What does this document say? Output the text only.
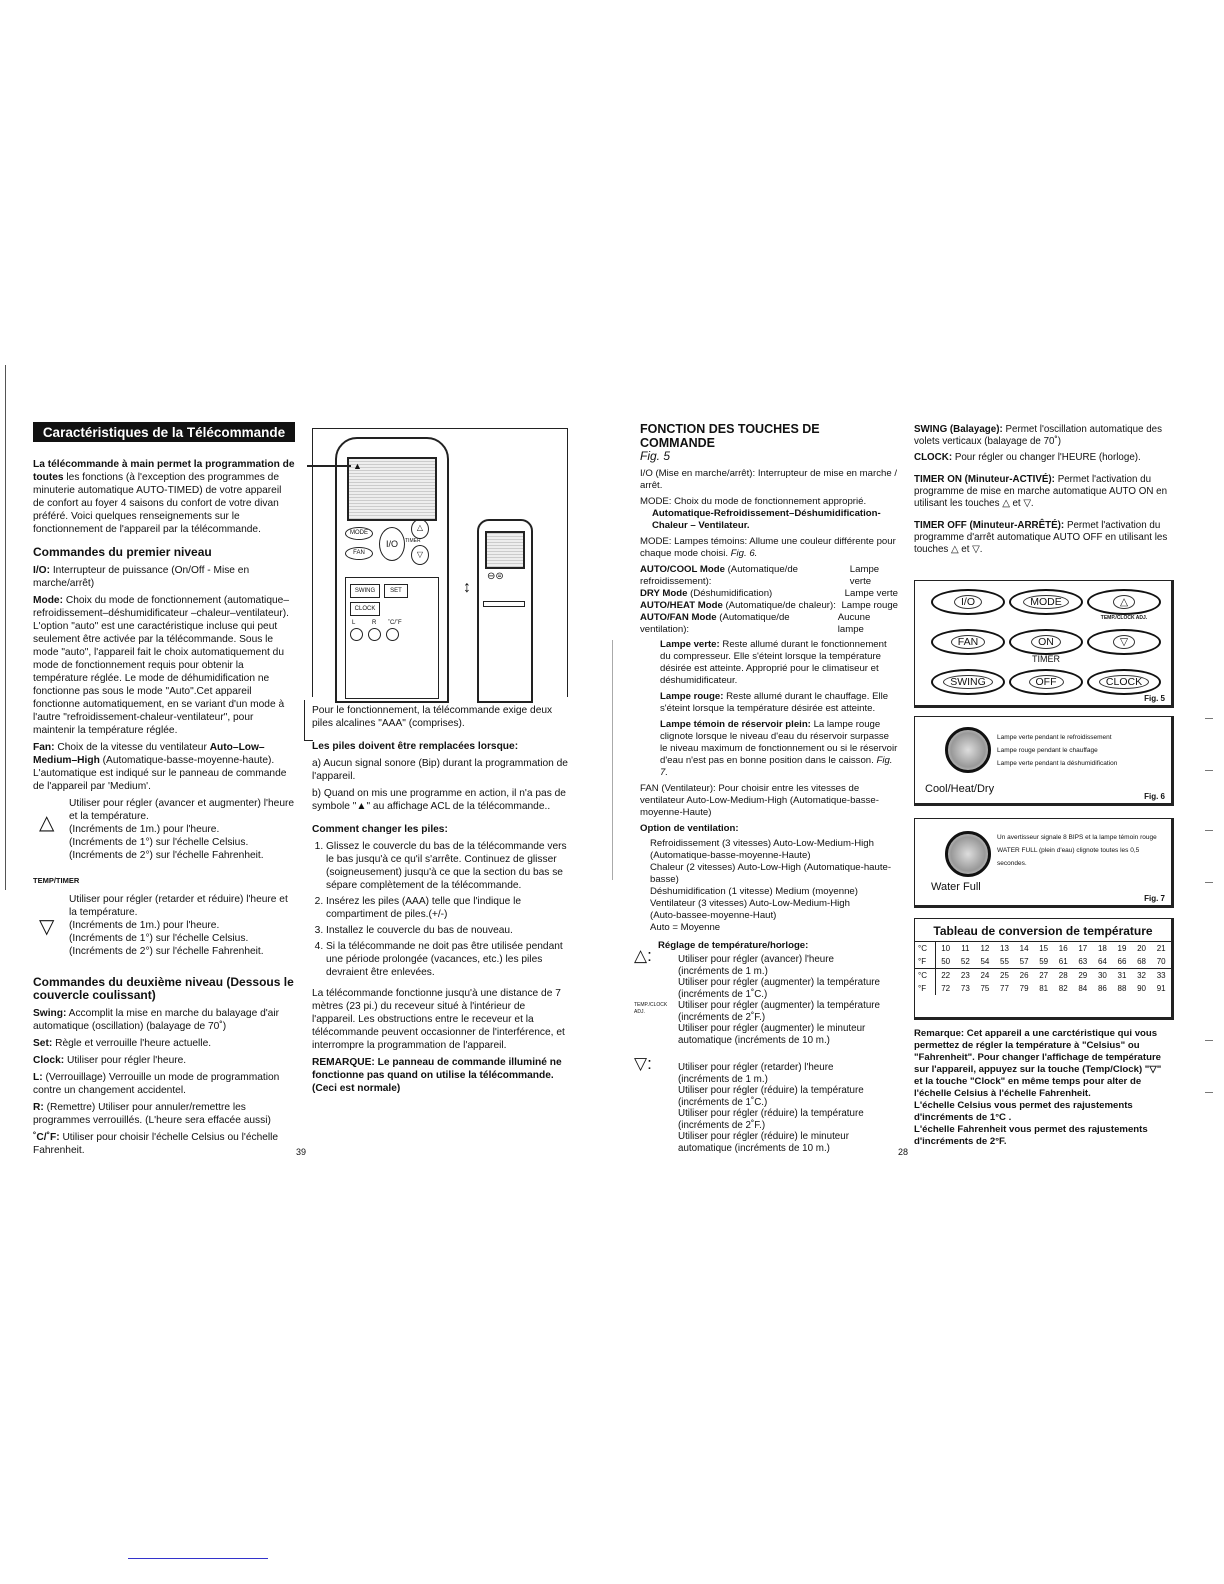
Caractéristiques de la Télécommande

La télécommande à main permet la programmation de toutes les fonctions (à l'exception des programmes de minuterie automatique AUTO-TIMED) de votre appareil de confort au foyer 4 saisons du confort de votre divan préféré. Voici quelques renseignements sur le fonctionnement de l'appareil par la télécommande.

Commandes du premier niveau

I/O: Interrupteur de puissance (On/Off - Mise en marche/arrêt)

Mode: Choix du mode de fonctionnement (automatique–refroidissement–déshumidificateur –chaleur–ventilateur). L'option "auto" est une caractéristique incluse qui peut seulement être activée par la télécommande. Sous le mode "auto", l'appareil fait le choix automatiquement du mode de fonctionnement requis pour obtenir la température réglée. Le mode de déhumidification ne fonctionne pas sous le mode "Auto".Cet appareil fonctionne automatiquement, en se variant d'un mode à l'autre "refroidissement-chaleur-ventilateur", pour maintenir la température réglée.

Fan: Choix de la vitesse du ventilateur Auto–Low–Medium–High (Automatique-basse-moyenne-haute). L'automatique est indiqué sur le panneau de commande de l'appareil par 'Medium'.

△
Utiliser pour régler (avancer et augmenter) l'heure et la température.
(Incréments de 1m.) pour l'heure.
(Incréments de 1°) sur l'échelle Celsius.
(Incréments de 2°) sur l'échelle Fahrenheit.
TEMP/TIMER
▽
Utiliser pour régler (retarder et réduire) l'heure et la température.
(Incréments de 1m.) pour l'heure.
(Incréments de 1°) sur l'échelle Celsius.
(Incréments de 2°) sur l'échelle Fahrenheit.
Commandes du deuxième niveau (Dessous le couvercle coulissant)

Swing: Accomplit la mise en marche du balayage d'air automatique (oscillation) (balayage de 70˚)

Set: Règle et verrouille l'heure actuelle.

Clock: Utiliser pour régler l'heure.

L: (Verrouillage) Verrouille un mode de programmation contre un changement accidentel.

R: (Remettre) Utiliser pour annuler/remettre les programmes verrouillés. (L'heure sera effacée aussi)

˚C/˚F: Utiliser pour choisir l'échelle Celsius ou l'échelle Fahrenheit.

▲
MODE
FAN
I/O
△
TIMER
▽
SWING	SET
CLOCK
L	R ˚C/˚F
⊖⊜
↕

Pour le fonctionnement, la télécommande exige deux piles alcalines "AAA" (comprises).

Les piles doivent être remplacées lorsque:

a) Aucun signal sonore (Bip) durant la programmation de l'appareil.

b) Quand on mis une programme en action, il n'a pas de symbole "▲" au affichage ACL de la télécommande..

Comment changer les piles:

1. Glissez le couvercle du bas de la télécommande vers le bas jusqu'à ce qu'il s'arrête. Continuez de glisser (soigneusement) jusqu'à ce que la section du bas se sépare complètement de la télécommande.
2. Insérez les piles (AAA) telle que l'indique le compartiment de piles.(+/-)
3. Installez le couvercle du bas de nouveau.
4. Si la télécommande ne doit pas être utilisée pendant une période prolongée (vacances, etc.) les piles devraient être enlevées.

La télécommande fonctionne jusqu'à une distance de 7 mètres (23 pi.) du receveur situé à l'intérieur de l'appareil. Les obstructions entre le receveur et la télécommande peuvent occasionner de l'interférence, et interrompre la programmation de l'appareil.

REMARQUE: Le panneau de commande illuminé ne fonctionne pas quand on utilise la télécommande. (Ceci est normale)

39
FONCTION DES TOUCHES DE COMMANDE
Fig. 5

I/O (Mise en marche/arrêt): Interrupteur de mise en marche / arrêt.

MODE: Choix du mode de fonctionnement approprié.

Automatique-Refroidissement–Déshumidification-Chaleur – Ventilateur.

MODE: Lampes témoins: Allume une couleur différente pour chaque mode choisi. Fig. 6.

AUTO/COOL Mode (Automatique/de refroidissement):
Lampe verte
DRY Mode (Déshumidification)	Lampe verte
AUTO/HEAT Mode (Automatique/de chaleur): Lampe rouge
AUTO/FAN Mode (Automatique/de ventilation):
Aucune lampe

Lampe verte: Reste allumé durant le fonctionnement du compresseur. Elle s'éteint lorsque la température désirée est atteinte. Approprié pour le climatiseur et déshumidificateur.

Lampe rouge: Reste allumé durant le chauffage. Elle s'éteint lorsque la température désirée est atteinte.

Lampe témoin de réservoir plein: La lampe rouge clignote lorsque le niveau d'eau du réservoir surpasse le niveau maximum de fonctionnement ou si le réservoir d'eau n'est pas en bonne position dans le caisson. Fig. 7.

FAN (Ventilateur): Pour choisir entre les vitesses de ventilateur Auto-Low-Medium-High (Automatique-basse-moyenne-Haute)

Option de ventilation:

Refroidissement (3 vitesses) Auto-Low-Medium-High
(Automatique-basse-moyenne-Haute)
Chaleur (2 vitesses) Auto-Low-High (Automatique-haute-basse)
Déshumidification (1 vitesse) Medium (moyenne)
Ventilateur (3 vitesses) Auto-Low-Medium-High
(Auto-bassee-moyenne-Haut)
Auto = Moyenne

Réglage de température/horloge:

△:
TEMP./CLOCK ADJ.
Utiliser pour régler (avancer) l'heure
(incréments de 1 m.)
Utiliser pour régler (augmenter) la température
(incréments de 1˚C.)
Utiliser pour régler (augmenter) la température
(incréments de 2˚F.)
Utiliser pour régler (augmenter) le minuteur
automatique (incréments de 10 m.)
▽:	Utiliser pour régler (retarder) l'heure
(incréments de 1 m.)
Utiliser pour régler (réduire) la température
(incréments de 1˚C.)
Utiliser pour régler (réduire) la température
(incréments de 2˚F.)
Utiliser pour régler (réduire) le minuteur
automatique (incréments de 10 m.)	28

SWING (Balayage): Permet l'oscillation automatique des volets verticaux (balayage de 70˚)

CLOCK: Pour régler ou changer l'HEURE (horloge).

TIMER ON (Minuteur-ACTIVÉ): Permet l'activation du programme de mise en marche automatique AUTO ON en utilisant les touches △ et ▽.

TIMER OFF (Minuteur-ARRÊTÉ): Permet l'activation du programme d'arrêt automatique AUTO OFF en utilisant les touches △ et ▽.

I/O	MODE	△
TEMP./CLOCK ADJ.
FAN	ON	▽
TIMER
SWING	OFF	CLOCK
Fig. 5
Lampe verte pendant le refroidissement
Lampe rouge pendant le chauffage
Lampe verte pendant la déshumidification
Cool/Heat/Dry
Fig. 6
Un avertisseur signale 8 BIPS et la lampe témoin rouge WATER FULL (plein d'eau) clignote toutes les 0,5 secondes.
Water Full
Fig. 7
Tableau de conversion de température
°C	10	11	12	13	14	15	16	17	18	19	20	21
°F	50	52	54	55	57	59	61	63	64	66	68	70
°C	22	23	24	25	26	27	28	29	30	31	32	33
°F	72	73	75	77	79	81	82	84	86	88	90	91

Remarque: Cet appareil a une carctéristique qui vous permettez de régler la température à "Celsius" ou "Fahrenheit". Pour changer l'affichage de température sur l'appareil, appuyez sur la touche (Temp/Clock) "▽" et la touche "Clock" en même temps pour alter de l'échelle Celsius à l'échelle Fahrenheit.

L'échelle Celsius vous permet des rajustements d'incréments de 1°C .

L'échelle Fahrenheit vous permet des rajustements d'incréments de 2°F.
